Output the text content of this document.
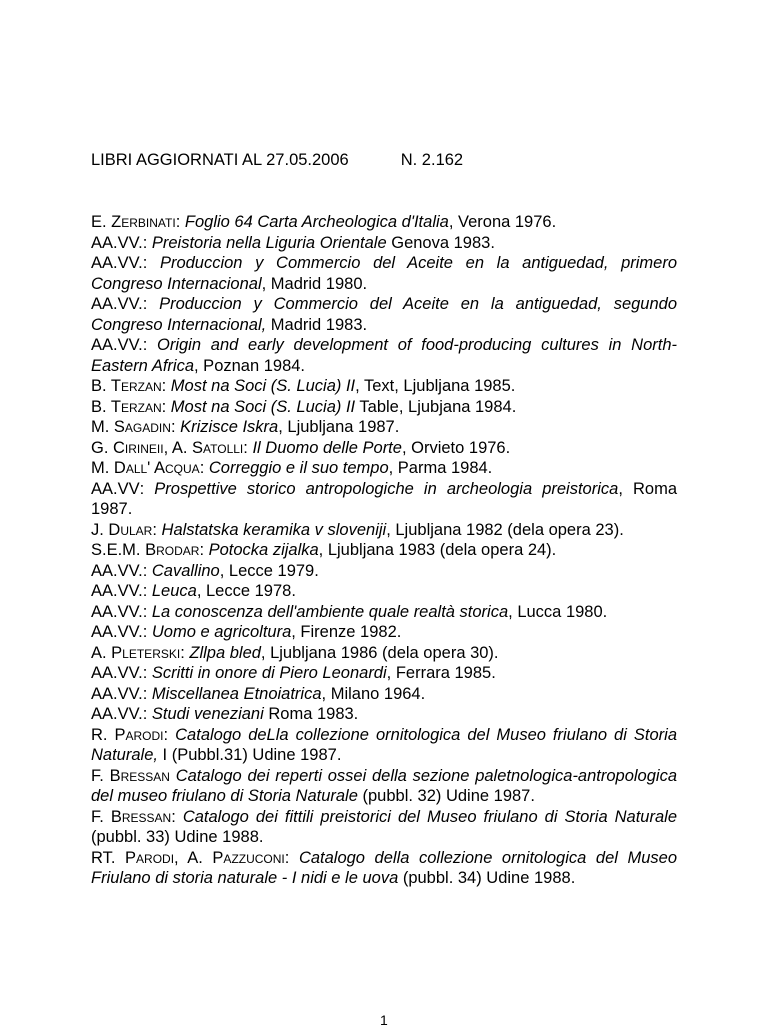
LIBRI AGGIORNATI AL 27.05.2006	N. 2.162
E. Zerbinati: Foglio 64 Carta Archeologica d'Italia, Verona 1976.
AA.VV.: Preistoria nella Liguria Orientale Genova 1983.
AA.VV.: Produccion y Commercio del Aceite en la antiguedad, primero Congreso Internacional, Madrid 1980.
AA.VV.: Produccion y Commercio del Aceite en la antiguedad, segundo Congreso Internacional, Madrid 1983.
AA.VV.: Origin and early development of food-producing cultures in North-Eastern Africa, Poznan 1984.
B. Terzan: Most na Soci (S. Lucia) II, Text, Ljubljana 1985.
B. Terzan: Most na Soci (S. Lucia) II Table, Ljubjana 1984.
M. Sagadin: Krizisce Iskra, Ljubljana 1987.
G. Cirineii, A. Satolli: Il Duomo delle Porte, Orvieto 1976.
M. Dall' Acqua: Correggio e il suo tempo, Parma 1984.
AA.VV: Prospettive storico antropologiche in archeologia preistorica, Roma 1987.
J. Dular: Halstatska keramika v sloveniji, Ljubljana 1982 (dela opera 23).
S.E.M. Brodar: Potocka zijalka, Ljubljana 1983 (dela opera 24).
AA.VV.: Cavallino, Lecce 1979.
AA.VV.: Leuca, Lecce 1978.
AA.VV.: La conoscenza dell'ambiente quale realtà storica, Lucca 1980.
AA.VV.: Uomo e agricoltura, Firenze 1982.
A. Pleterski: Zllpa bled, Ljubljana 1986 (dela opera 30).
AA.VV.: Scritti in onore di Piero Leonardi, Ferrara 1985.
AA.VV.: Miscellanea Etnoiatrica, Milano 1964.
AA.VV.: Studi veneziani Roma 1983.
R. Parodi: Catalogo deLla collezione ornitologica del Museo friulano di Storia Naturale, I (Pubbl.31) Udine 1987.
F. Bressan Catalogo dei reperti ossei della sezione paletnologica-antropologica del museo friulano di Storia Naturale (pubbl. 32) Udine 1987.
F. Bressan: Catalogo dei fittili preistorici del Museo friulano di Storia Naturale (pubbl. 33) Udine 1988.
RT. Parodi, A. Pazzuconi: Catalogo della collezione ornitologica del Museo Friulano di storia naturale - I nidi e le uova (pubbl. 34) Udine 1988.
1
